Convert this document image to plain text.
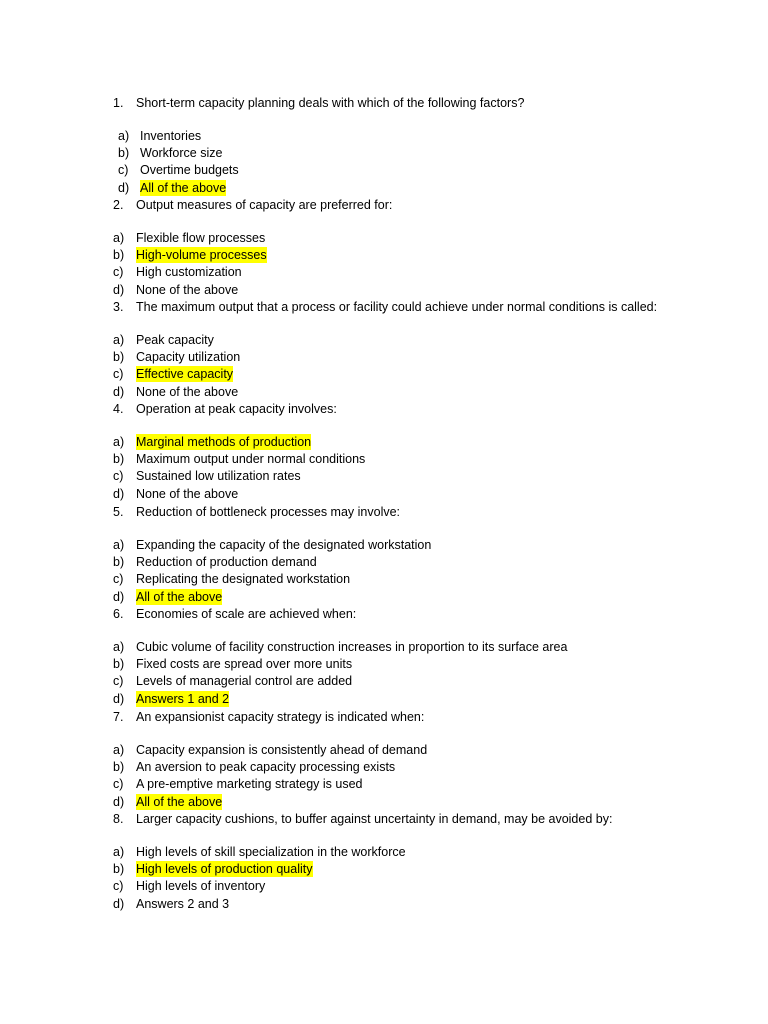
1. Short-term capacity planning deals with which of the following factors?
a) Inventories
b) Workforce size
c) Overtime budgets
d) All of the above
2. Output measures of capacity are preferred for:
a) Flexible flow processes
b) High-volume processes
c) High customization
d) None of the above
3. The maximum output that a process or facility could achieve under normal conditions is called:
a) Peak capacity
b) Capacity utilization
c) Effective capacity
d) None of the above
4. Operation at peak capacity involves:
a) Marginal methods of production
b) Maximum output under normal conditions
c) Sustained low utilization rates
d) None of the above
5. Reduction of bottleneck processes may involve:
a) Expanding the capacity of the designated workstation
b) Reduction of production demand
c) Replicating the designated workstation
d) All of the above
6. Economies of scale are achieved when:
a) Cubic volume of facility construction increases in proportion to its surface area
b) Fixed costs are spread over more units
c) Levels of managerial control are added
d) Answers 1 and 2
7. An expansionist capacity strategy is indicated when:
a) Capacity expansion is consistently ahead of demand
b) An aversion to peak capacity processing exists
c) A pre-emptive marketing strategy is used
d) All of the above
8. Larger capacity cushions, to buffer against uncertainty in demand, may be avoided by:
a) High levels of skill specialization in the workforce
b) High levels of production quality
c) High levels of inventory
d) Answers 2 and 3
